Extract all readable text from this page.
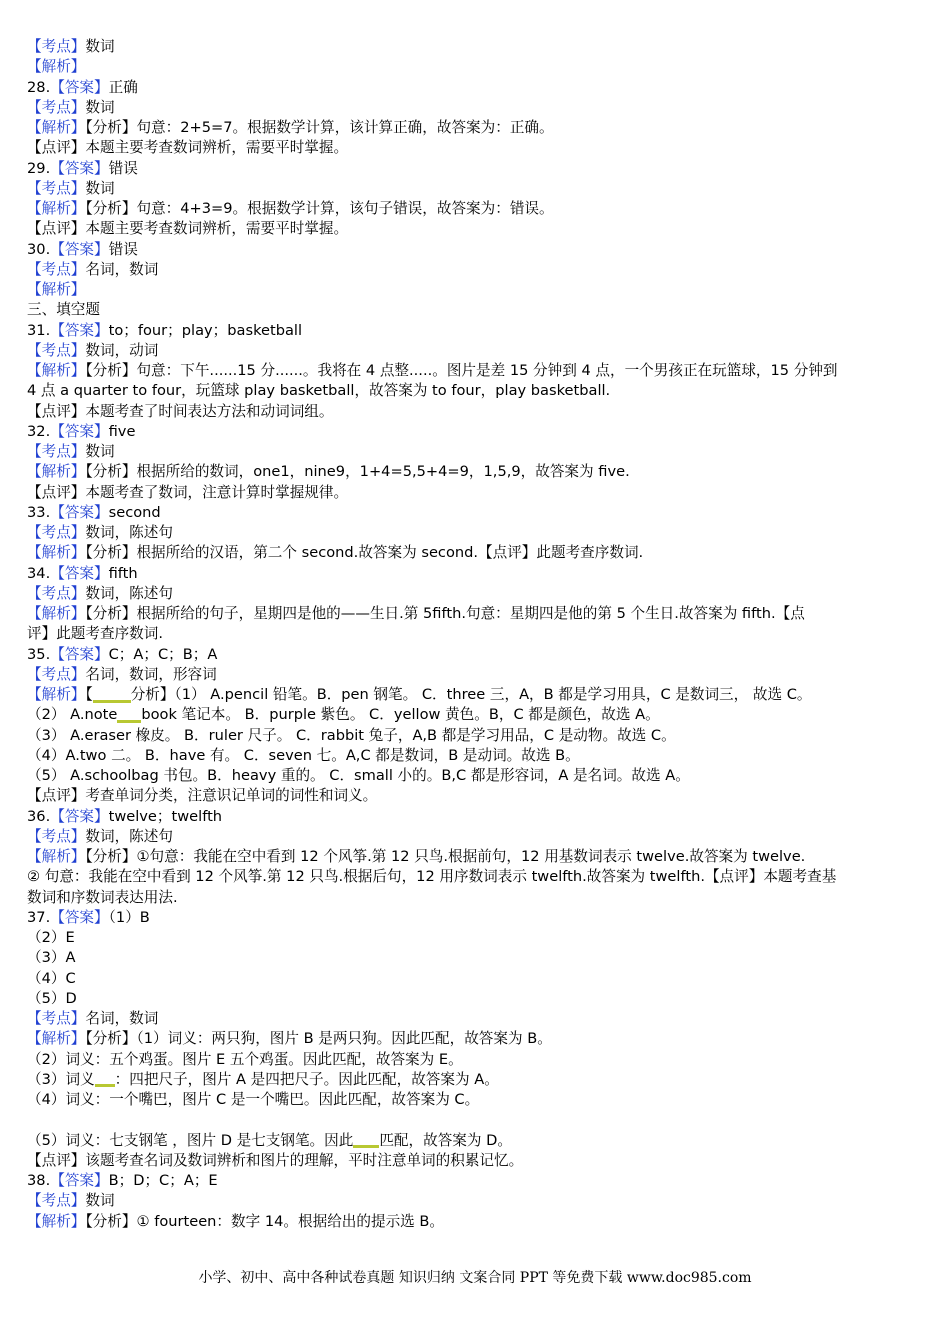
【考点】数词
【解析】
28.【答案】正确
【考点】数词
【解析】【分析】句意：2+5=7。根据数学计算，该计算正确，故答案为：正确。
【点评】本题主要考查数词辨析，需要平时掌握。
29.【答案】错误
【考点】数词
【解析】【分析】句意：4+3=9。根据数学计算，该句子错误，故答案为：错误。
【点评】本题主要考查数词辨析，需要平时掌握。
30.【答案】错误
【考点】名词，数词
【解析】
三、填空题
31.【答案】to；four；play；basketball
【考点】数词，动词
【解析】【分析】句意：下午......15 分......。我将在 4 点整.....。图片是差 15 分钟到 4 点，一个男孩正在玩篮球，15 分钟到
4 点 a quarter to four，玩篮球 play basketball，故答案为 to four，play basketball.
【点评】本题考查了时间表达方法和动词词组。
32.【答案】five
【考点】数词
【解析】【分析】根据所给的数词，one1，nine9，1+4=5,5+4=9，1,5,9，故答案为 five.
【点评】本题考查了数词，注意计算时掌握规律。
33.【答案】second
【考点】数词，陈述句
【解析】【分析】根据所给的汉语，第二个 second.故答案为 second.【点评】此题考查序数词.
34.【答案】fifth
【考点】数词，陈述句
【解析】【分析】根据所给的句子，星期四是他的——生日.第 5fifth.句意：星期四是他的第 5 个生日.故答案为 fifth.【点
评】此题考查序数词.
35.【答案】C；A；C；B；A
【考点】名词，数词，形容词
【解析】【	分析】（1） A.pencil 铅笔。B．pen 钢笔。 C．three 三，A，B 都是学习用具，C 是数词三， 故选 C。
（2） A.note book 笔记本。 B．purple 紫色。 C．yellow 黄色。B，C 都是颜色，故选 A。
（3） A.eraser 橡皮。 B．ruler 尺子。 C．rabbit 兔子，A,B 都是学习用品，C 是动物。故选 C。
（4）A.two 二。 B．have 有。 C．seven 七。A,C 都是数词，B 是动词。故选 B。
（5） A.schoolbag 书包。B．heavy 重的。 C．small 小的。B,C 都是形容词，A 是名词。故选 A。
【点评】考查单词分类，注意识记单词的词性和词义。
36.【答案】twelve；twelfth
【考点】数词，陈述句
【解析】【分析】①句意：我能在空中看到 12 个风筝.第 12 只鸟.根据前句，12 用基数词表示 twelve.故答案为 twelve.
② 句意：我能在空中看到 12 个风筝.第 12 只鸟.根据后句，12 用序数词表示 twelfth.故答案为 twelfth.【点评】本题考查基
数词和序数词表达用法.
37.【答案】（1）B
（2）E
（3）A
（4）C
（5）D
【考点】名词，数词
【解析】【分析】（1）词义：两只狗，图片 B 是两只狗。因此匹配，故答案为 B。
（2）词义：五个鸡蛋。图片 E 五个鸡蛋。因此匹配，故答案为 E。
（3）词义 ：四把尺子，图片 A 是四把尺子。因此匹配，故答案为 A。
（4）词义：一个嘴巴，图片 C 是一个嘴巴。因此匹配，故答案为 C。
（5）词义：七支钢笔 ，图片 D 是七支钢笔。因此 匹配，故答案为 D。
【点评】该题考查名词及数词辨析和图片的理解，平时注意单词的积累记忆。
38.【答案】B；D；C；A；E
【考点】数词
【解析】【分析】① fourteen：数字 14。根据给出的提示选 B。
小学、初中、高中各种试卷真题 知识归纳 文案合同 PPT 等免费下载 www.doc985.com
